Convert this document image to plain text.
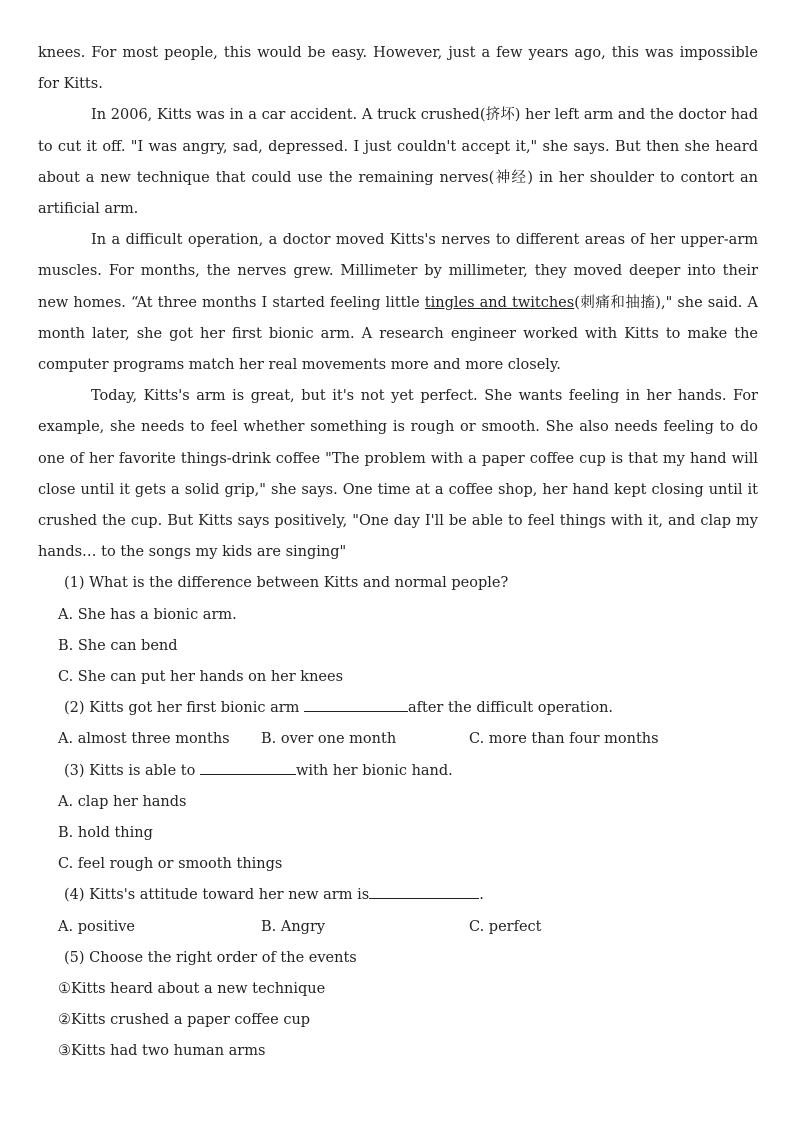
knees. For most people, this would be easy. However, just a few years ago, this was impossible for Kitts.

In 2006, Kitts was in a car accident. A truck crushed(挤坏) her left arm and the doctor had to cut it off. "I was angry, sad, depressed. I just couldn't accept it," she says. But then she heard about a new technique that could use the remaining nerves(神经) in her shoulder to contort an artificial arm.

In a difficult operation, a doctor moved Kitts's nerves to different areas of her upper-arm muscles. For months, the nerves grew. Millimeter by millimeter, they moved deeper into their new homes. “At three months I started feeling little tingles and twitches(刺痛和抽搐)," she said. A month later, she got her first bionic arm. A research engineer worked with Kitts to make the computer programs match her real movements more and more closely.

Today, Kitts's arm is great, but it's not yet perfect. She wants feeling in her hands. For example, she needs to feel whether something is rough or smooth. She also needs feeling to do one of her favorite things-drink coffee "The problem with a paper coffee cup is that my hand will close until it gets a solid grip," she says. One time at a coffee shop, her hand kept closing until it crushed the cup. But Kitts says positively, "One day I'll be able to feel things with it, and clap my hands… to the songs my kids are singing"

(1) What is the difference between Kitts and normal people?
A. She has a bionic arm.
B. She can bend
C. She can put her hands on her knees
(2) Kitts got her first bionic arm	after the difficult operation.
A. almost three months	B. over one month	C. more than four months
(3) Kitts is able to	with her bionic hand.
A. clap her hands
B. hold thing
C. feel rough or smooth things
(4) Kitts's attitude toward her new arm is	.
A. positive	B. Angry	C. perfect
(5) Choose the right order of the events
①Kitts heard about a new technique
②Kitts crushed a paper coffee cup
③Kitts had two human arms
